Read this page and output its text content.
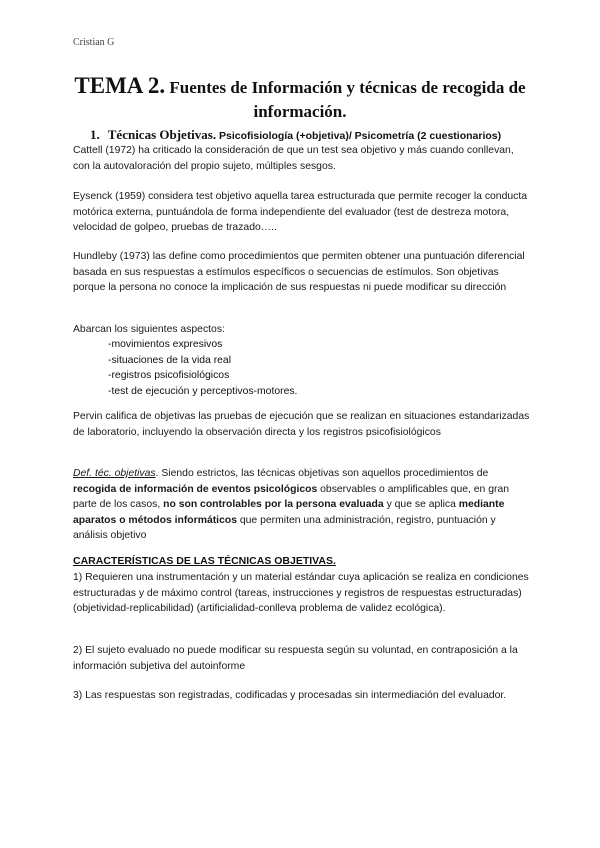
Cristian G
TEMA 2. Fuentes de Información y técnicas de recogida de información.
1. Técnicas Objetivas. Psicofisiología (+objetiva)/ Psicometría (2 cuestionarios)

Cattell (1972) ha criticado la consideración de que un test sea objetivo y más cuando conllevan, con la autovaloración del propio sujeto, múltiples sesgos.

Eysenck (1959) considera test objetivo aquella tarea estructurada que permite recoger la conducta motórica externa, puntuándola de forma independiente del evaluador (test de destreza motora, velocidad de golpeo, pruebas de trazado…..

Hundleby (1973) las define como procedimientos que permiten obtener una puntuación diferencial basada en sus respuestas a estímulos específicos o secuencias de estímulos. Son objetivas porque la persona no conoce la implicación de sus respuestas ni puede modificar su dirección

Abarcan los siguientes aspectos:

-movimientos expresivos
-situaciones de la vida real
-registros psicofisiológicos
-test de ejecución y perceptivos-motores.

Pervin califica de objetivas las pruebas de ejecución que se realizan en situaciones estandarizadas de laboratorio, incluyendo la observación directa y los registros psicofisiológicos

Def. téc. objetivas. Siendo estrictos, las técnicas objetivas son aquellos procedimientos de recogida de información de eventos psicológicos observables o amplificables que, en gran parte de los casos, no son controlables por la persona evaluada y que se aplica mediante aparatos o métodos informáticos que permiten una administración, registro, puntuación y análisis objetivo

CARACTERÍSTICAS DE LAS TÉCNICAS OBJETIVAS.

1) Requieren una instrumentación y un material estándar cuya aplicación se realiza en condiciones estructuradas y de máximo control (tareas, instrucciones y registros de respuestas estructuradas) (objetividad-replicabilidad) (artificialidad-conlleva problema de validez ecológica).

2) El sujeto evaluado no puede modificar su respuesta según su voluntad, en contraposición a la información subjetiva del autoinforme

3) Las respuestas son registradas, codificadas y procesadas sin intermediación del evaluador.
